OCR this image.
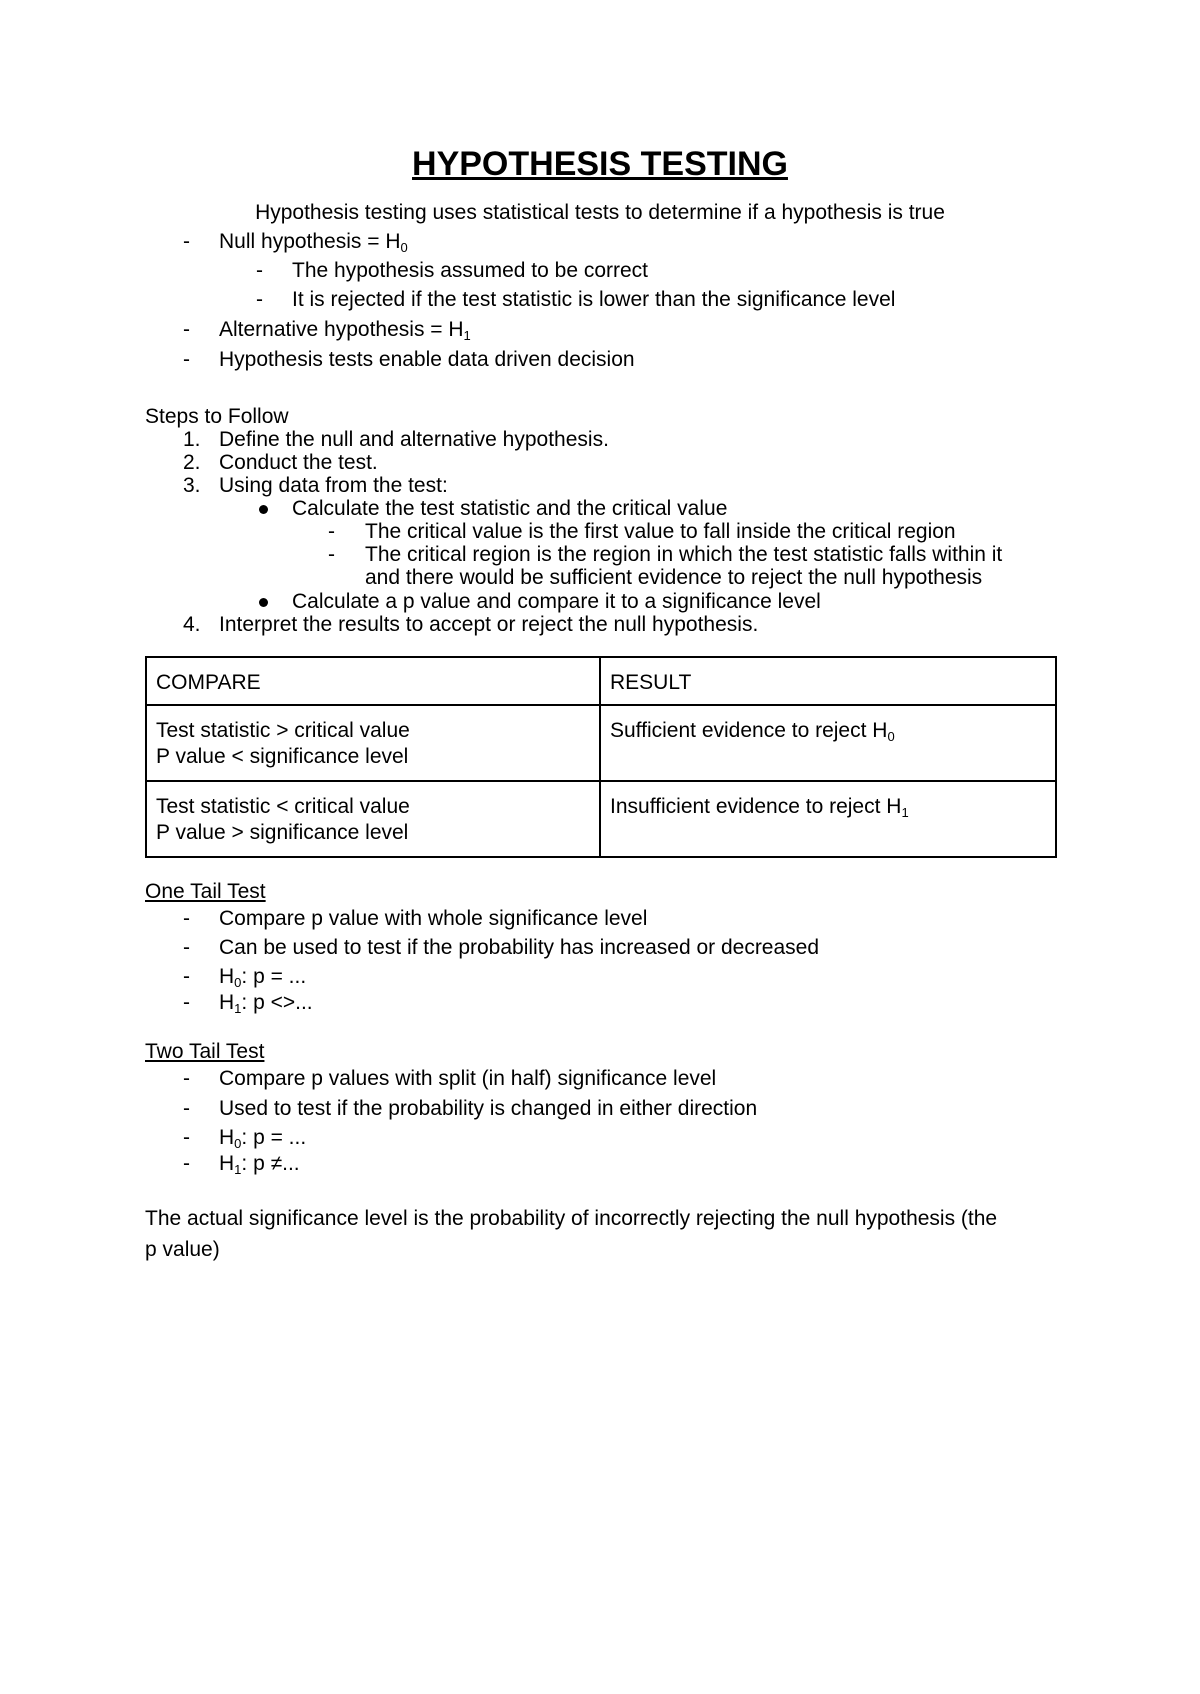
HYPOTHESIS TESTING
Hypothesis testing uses statistical tests to determine if a hypothesis is true
- Null hypothesis = $H_0$
- The hypothesis assumed to be correct
- It is rejected if the test statistic is lower than the significance level
- Alternative hypothesis = $H_1$
- Hypothesis tests enable data driven decision
Steps to Follow
1. Define the null and alternative hypothesis.
2. Conduct the test.
3. Using data from the test:
Calculate the test statistic and the critical value
- The critical value is the first value to fall inside the critical region
- The critical region is the region in which the test statistic falls within it
and there would be sufficient evidence to reject the null hypothesis
Calculate a p value and compare it to a significance level
4. Interpret the results to accept or reject the null hypothesis.
COMPARE	RESULT

Test statistic > critical value
P value < significance level	Sufficient evidence to reject $H_0$

Test statistic < critical value
P value > significance level	Insufficient evidence to reject $H_1$
One Tail Test
- Compare p value with whole significance level
- Can be used to test if the probability has increased or decreased
- $H_0$: p = ...
- $H_1$: p <>...
Two Tail Test
- Compare p values with split (in half) significance level
- Used to test if the probability is changed in either direction
- $H_0$: p = ...
- $H_1$: p ≠...
The actual significance level is the probability of incorrectly rejecting the null hypothesis (the
p value)
